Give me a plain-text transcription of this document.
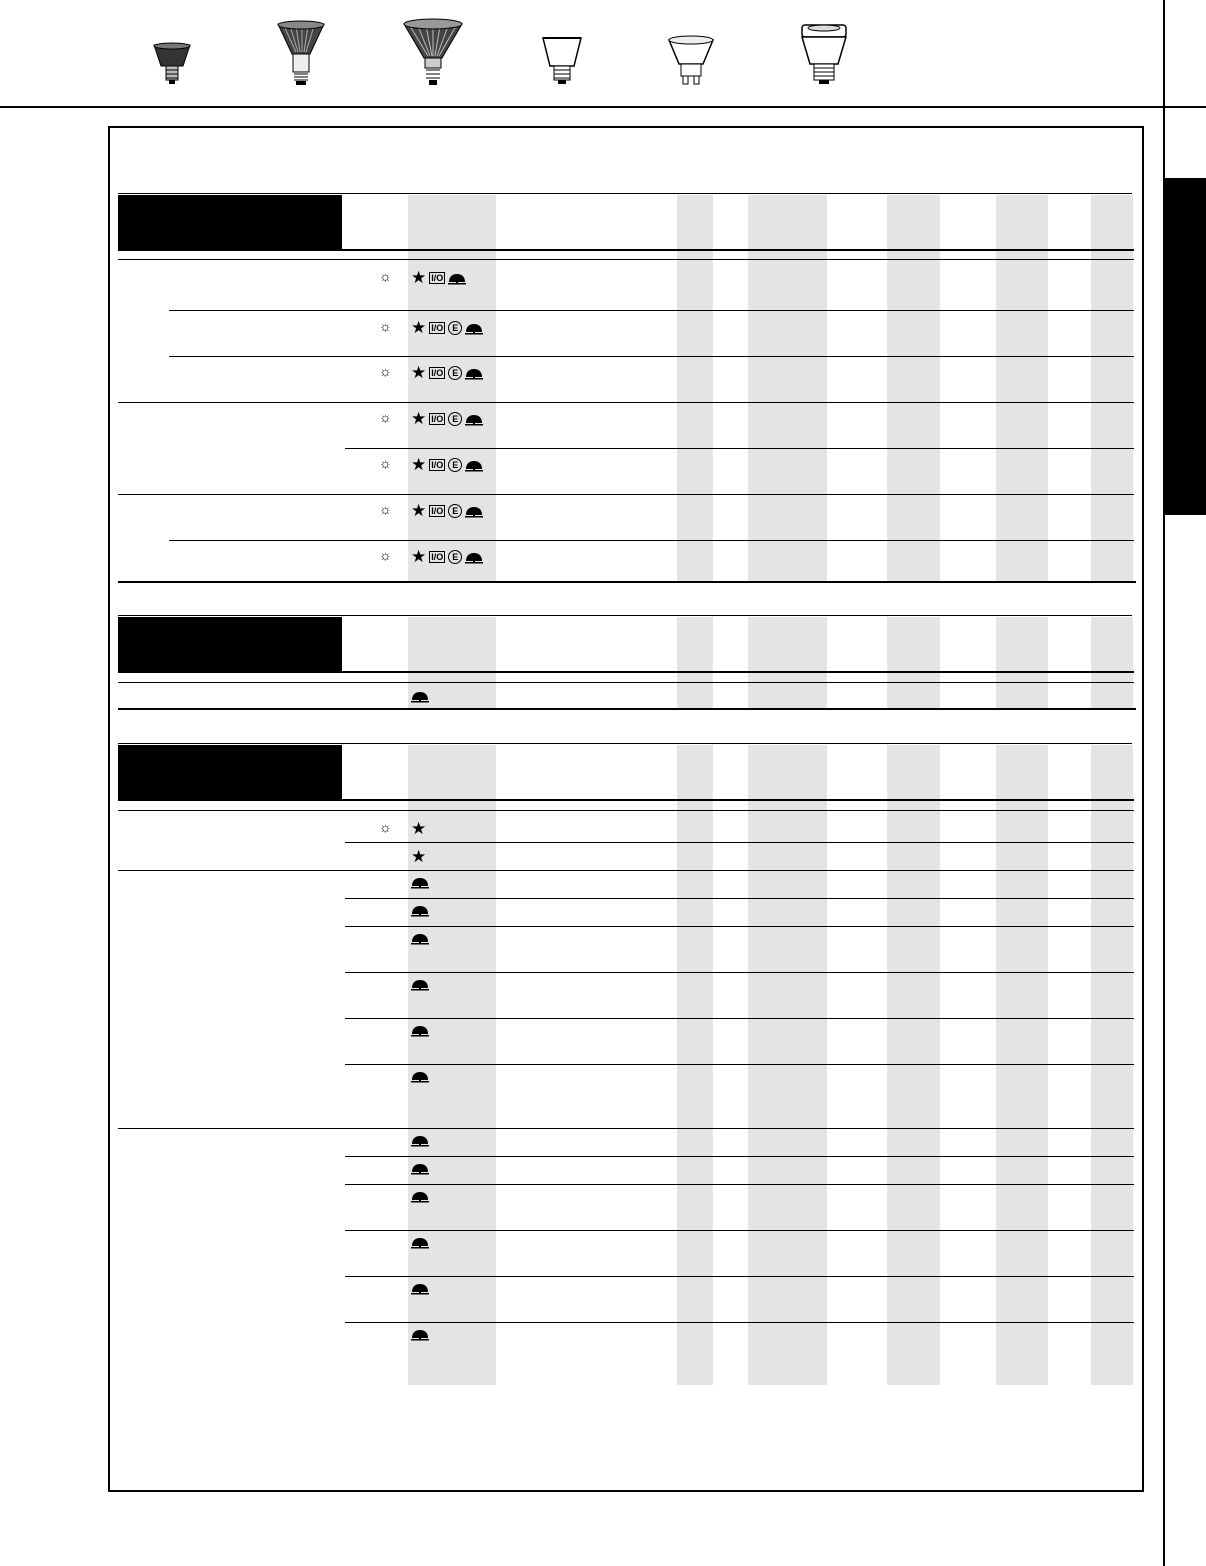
☼ ★ I/O
☼ ★ I/O E
☼ ★ I/O E
☼ ★ I/O E
☼ ★ I/O E
☼ ★ I/O E
☼ ★ I/O E
☼ ★
★
